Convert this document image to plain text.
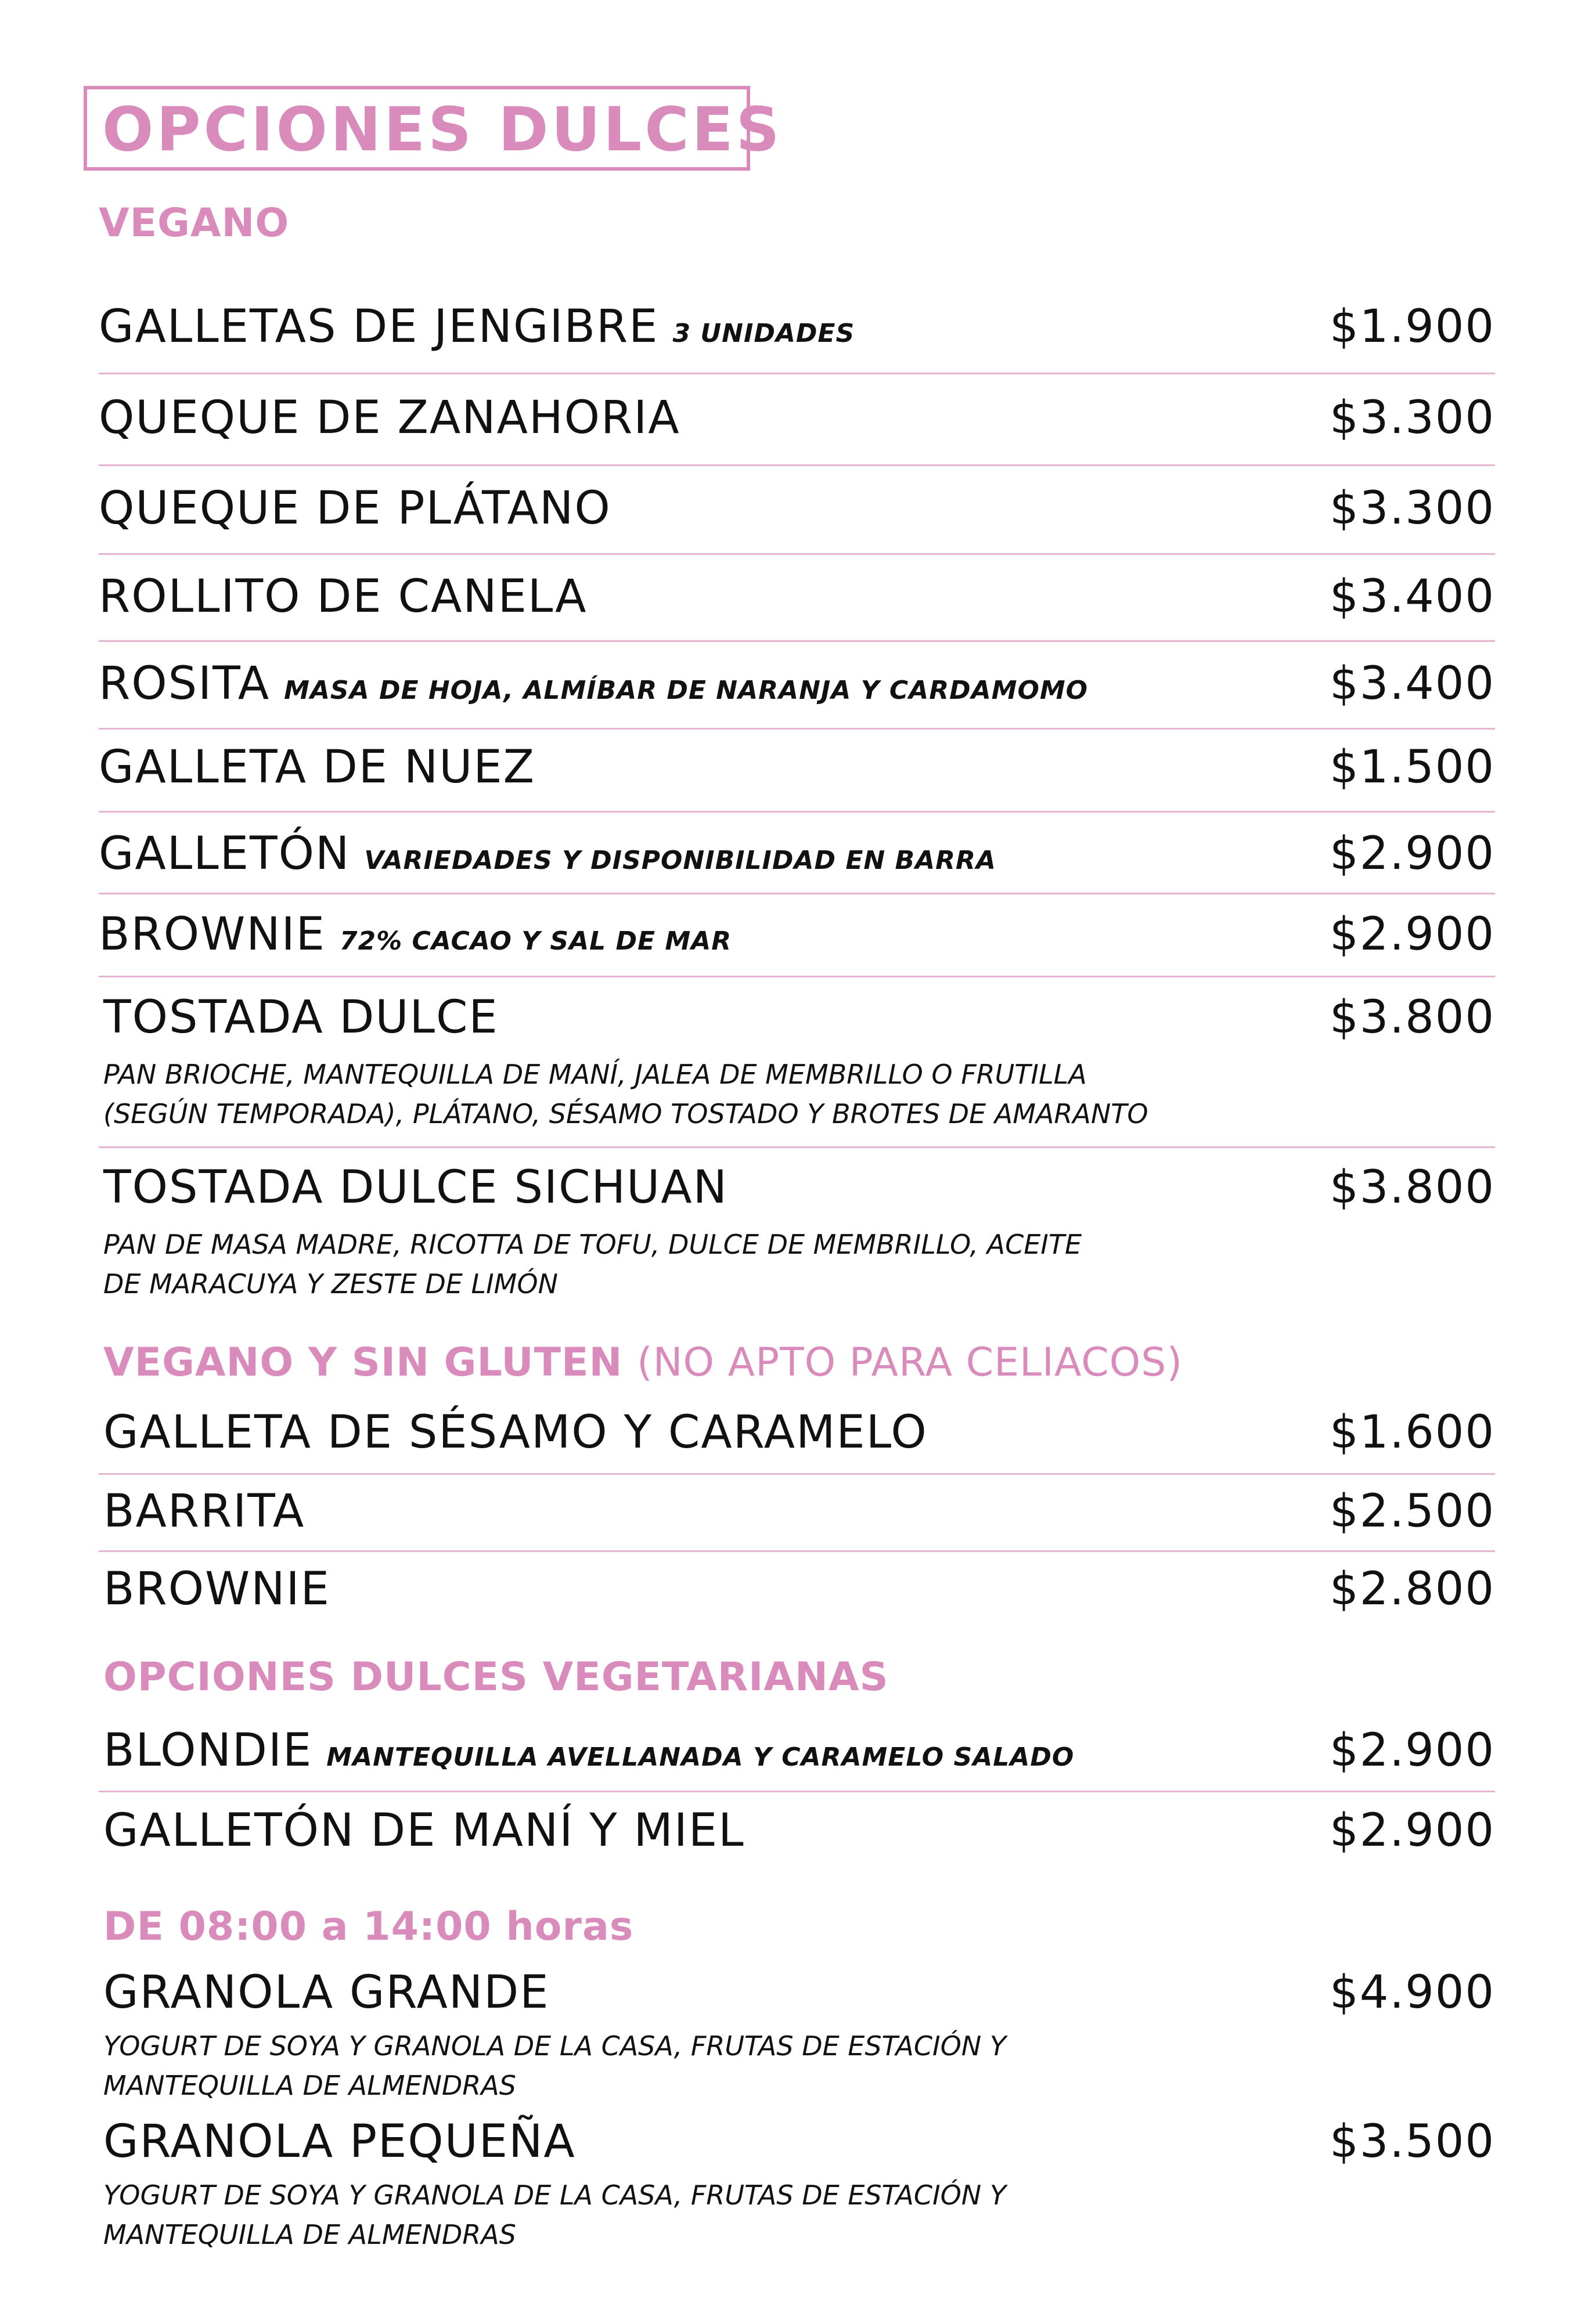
OPCIONES DULCES
VEGANO
GALLETAS DE JENGIBRE 3 UNIDADES	$1.900
QUEQUE DE ZANAHORIA	$3.300
QUEQUE DE PLÁTANO	$3.300
ROLLITO DE CANELA	$3.400
ROSITA MASA DE HOJA, ALMÍBAR DE NARANJA Y CARDAMOMO	$3.400
GALLETA DE NUEZ	$1.500
GALLETÓN VARIEDADES Y DISPONIBILIDAD EN BARRA	$2.900
BROWNIE 72% CACAO Y SAL DE MAR	$2.900
TOSTADA DULCE	$3.800
PAN BRIOCHE, MANTEQUILLA DE MANÍ, JALEA DE MEMBRILLO O FRUTILLA
(SEGÚN TEMPORADA), PLÁTANO, SÉSAMO TOSTADO Y BROTES DE AMARANTO
TOSTADA DULCE SICHUAN	$3.800
PAN DE MASA MADRE, RICOTTA DE TOFU, DULCE DE MEMBRILLO, ACEITE
DE MARACUYA Y ZESTE DE LIMÓN
VEGANO Y SIN GLUTEN (NO APTO PARA CELIACOS)
GALLETA DE SÉSAMO Y CARAMELO	$1.600
BARRITA	$2.500
BROWNIE	$2.800
OPCIONES DULCES VEGETARIANAS
BLONDIE MANTEQUILLA AVELLANADA Y CARAMELO SALADO	$2.900
GALLETÓN DE MANÍ Y MIEL	$2.900
DE 08:00 a 14:00 horas
GRANOLA GRANDE	$4.900
YOGURT DE SOYA Y GRANOLA DE LA CASA, FRUTAS DE ESTACIÓN Y
MANTEQUILLA DE ALMENDRAS
GRANOLA PEQUEÑA	$3.500
YOGURT DE SOYA Y GRANOLA DE LA CASA, FRUTAS DE ESTACIÓN Y
MANTEQUILLA DE ALMENDRAS
